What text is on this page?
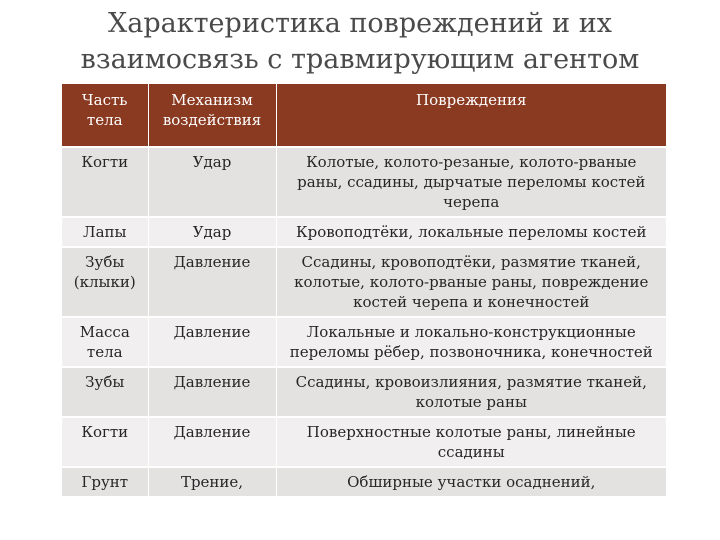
Характеристика повреждений и их
взаимосвязь с травмирующим агентом
Часть тела	Механизм воздействия	Повреждения
Когти	Удар	Колотые, колото-резаные, колото-рваные раны, ссадины, дырчатые переломы костей черепа
Лапы	Удар	Кровоподтёки, локальные переломы костей
Зубы (клыки)	Давление	Ссадины, кровоподтёки, размятие тканей, колотые, колото-рваные раны, повреждение костей черепа и конечностей
Масса тела	Давление	Локальные и локально-конструкционные переломы рёбер, позвоночника, конечностей
Зубы	Давление	Ссадины, кровоизлияния, размятие тканей, колотые раны
Когти	Давление	Поверхностные колотые раны, линейные ссадины
Грунт	Трение,	Обширные участки осаднений,
